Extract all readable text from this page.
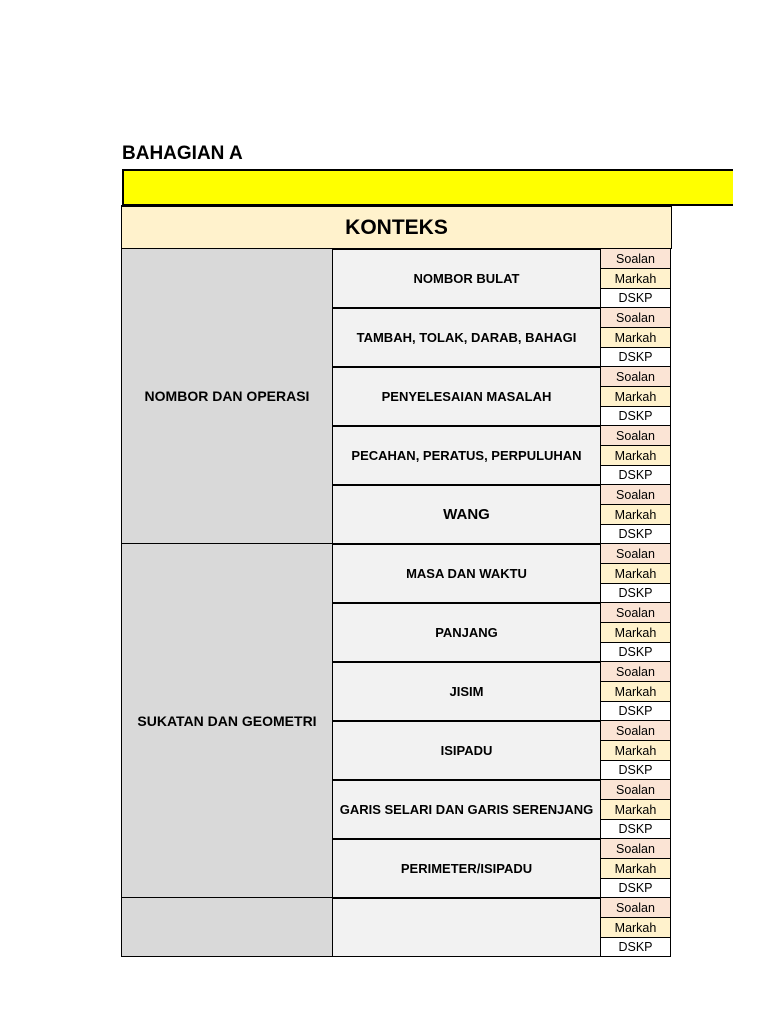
BAHAGIAN A
KONTEKS
NOMBOR BULAT
Soalan
Markah
DSKP
TAMBAH, TOLAK, DARAB, BAHAGI
Soalan
Markah
DSKP
PENYELESAIAN MASALAH
Soalan
Markah
DSKP
PECAHAN, PERATUS, PERPULUHAN
Soalan
Markah
DSKP
WANG
Soalan
Markah
DSKP
NOMBOR DAN OPERASI
MASA DAN WAKTU
Soalan
Markah
DSKP
PANJANG
Soalan
Markah
DSKP
JISIM
Soalan
Markah
DSKP
ISIPADU
Soalan
Markah
DSKP
GARIS SELARI DAN GARIS SERENJANG
Soalan
Markah
DSKP
PERIMETER/ISIPADU
Soalan
Markah
DSKP
SUKATAN DAN GEOMETRI
Soalan
Markah
DSKP
